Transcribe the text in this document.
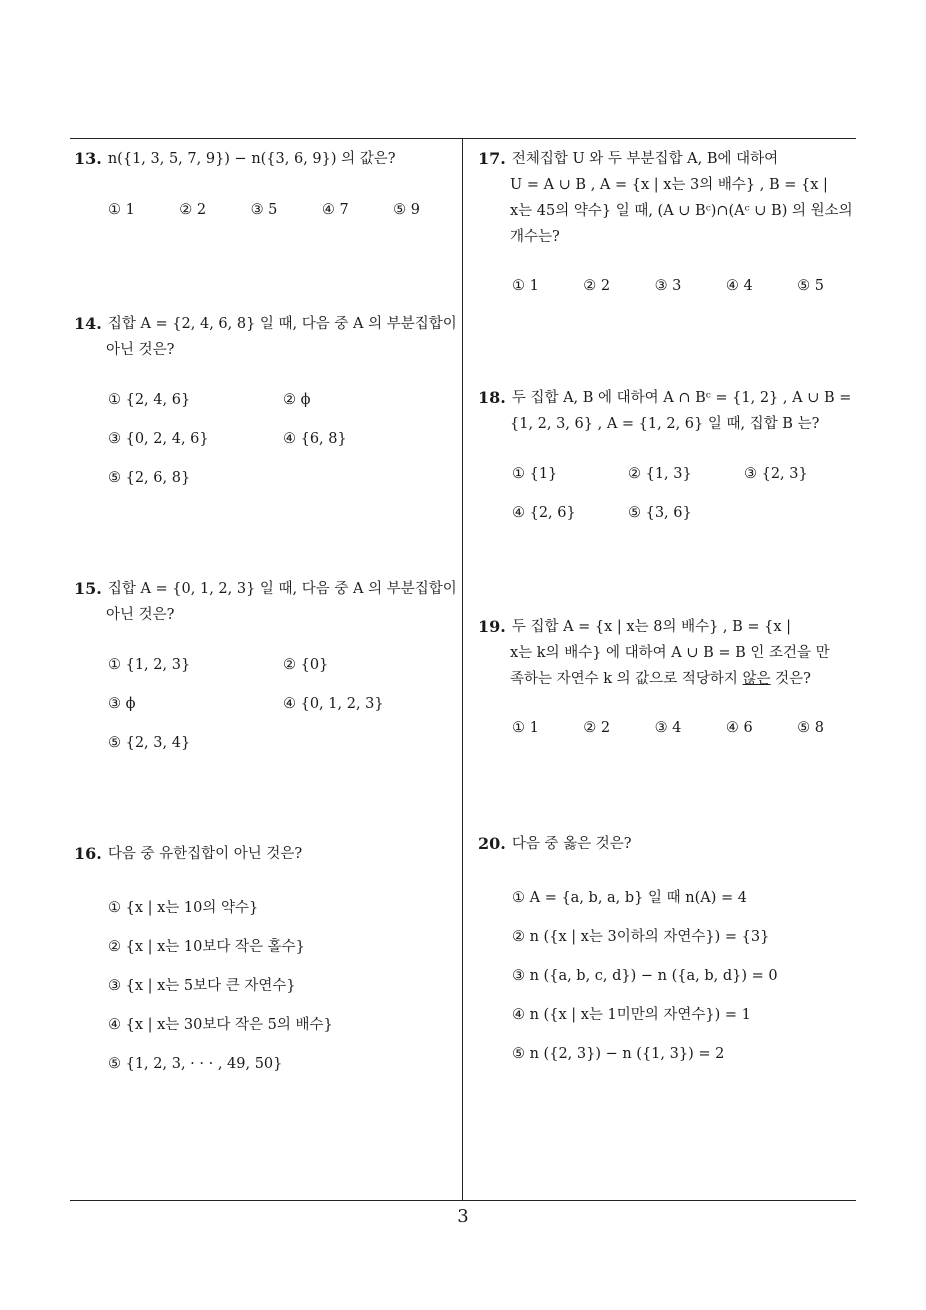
13. n({1, 3, 5, 7, 9}) − n({3, 6, 9}) 의 값은?
① 1	② 2	③ 5	④ 7	⑤ 9
14. 집합 A = {2, 4, 6, 8} 일 때, 다음 중 A 의 부분집합이
아닌 것은?
① {2, 4, 6}	② ϕ
③ {0, 2, 4, 6}	④ {6, 8}
⑤ {2, 6, 8}
15. 집합 A = {0, 1, 2, 3} 일 때, 다음 중 A 의 부분집합이
아닌 것은?
① {1, 2, 3}	② {0}
③ ϕ	④ {0, 1, 2, 3}
⑤ {2, 3, 4}
16. 다음 중 유한집합이 아닌 것은?
① {x | x는 10의 약수}
② {x | x는 10보다 작은 홀수}
③ {x | x는 5보다 큰 자연수}
④ {x | x는 30보다 작은 5의 배수}
⑤ {1, 2, 3, · · · , 49, 50}
17. 전체집합 U 와 두 부분집합 A, B에 대하여
U = A ∪ B , A = {x | x는 3의 배수} , B = {x |
x는 45의 약수} 일 때, (A ∪ Bᶜ)∩(Aᶜ ∪ B) 의 원소의
개수는?
① 1	② 2	③ 3	④ 4	⑤ 5
18. 두 집합 A, B 에 대하여 A ∩ Bᶜ = {1, 2} , A ∪ B =
{1, 2, 3, 6} , A = {1, 2, 6} 일 때, 집합 B 는?
① {1}	② {1, 3}	③ {2, 3}
④ {2, 6}	⑤ {3, 6}
19. 두 집합 A = {x | x는 8의 배수} , B = {x |
x는 k의 배수} 에 대하여 A ∪ B = B 인 조건을 만
족하는 자연수 k 의 값으로 적당하지 않은 것은?
① 1	② 2	③ 4	④ 6	⑤ 8
20. 다음 중 옳은 것은?
① A = {a, b, a, b} 일 때 n(A) = 4
② n ({x | x는 3이하의 자연수}) = {3}
③ n ({a, b, c, d}) − n ({a, b, d}) = 0
④ n ({x | x는 1미만의 자연수}) = 1
⑤ n ({2, 3}) − n ({1, 3}) = 2
3
